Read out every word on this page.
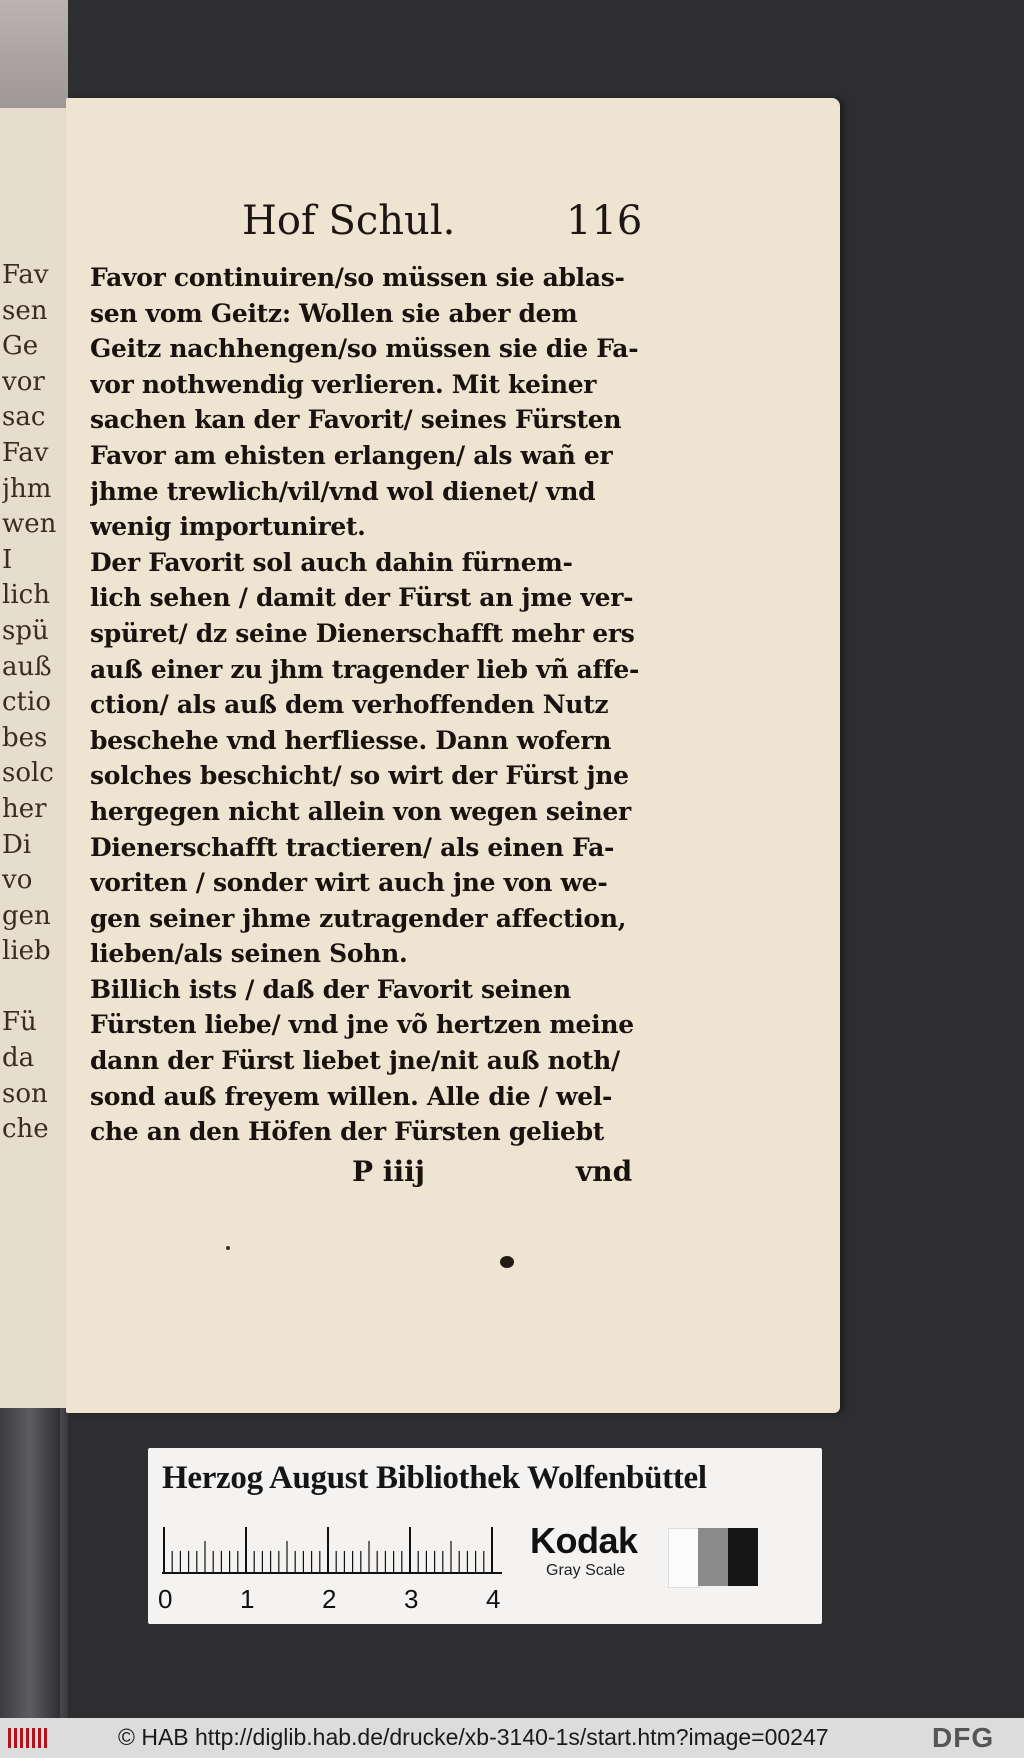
Fav
sen
Ge
vor
sac
Fav
jhm
wen
I
lich
spü
auß
ctio
bes
solc
her
Di
vo
gen
lieb
Fü
da
son
che
Hof Schul.	116
Favor continuiren/so müssen sie ablas-
sen vom Geitz: Wollen sie aber dem
Geitz nachhengen/so müssen sie die Fa-
vor nothwendig verlieren. Mit keiner
sachen kan der Favorit/ seines Fürsten
Favor am ehisten erlangen/ als wañ er
jhme trewlich/vil/vnd wol dienet/ vnd
wenig importuniret.
Der Favorit sol auch dahin fürnem-
lich sehen / damit der Fürst an jme ver-
spüret/ dz seine Dienerschafft mehr ers
auß einer zu jhm tragender lieb vñ affe-
ction/ als auß dem verhoffenden Nutz
beschehe vnd herfliesse. Dann wofern
solches beschicht/ so wirt der Fürst jne
hergegen nicht allein von wegen seiner
Dienerschafft tractieren/ als einen Fa-
voriten / sonder wirt auch jne von we-
gen seiner jhme zutragender affection,
lieben/als seinen Sohn.
Billich ists / daß der Favorit seinen
Fürsten liebe/ vnd jne võ hertzen meine
dann der Fürst liebet jne/nit auß noth/
sond auß freyem willen. Alle die / wel-
che an den Höfen der Fürsten geliebt
P iiij	vnd
Herzog August Bibliothek Wolfenbüttel
0	1	2	3	4
Kodak
Gray Scale
© HAB http://diglib.hab.de/drucke/xb-3140-1s/start.htm?image=00247	DFG
